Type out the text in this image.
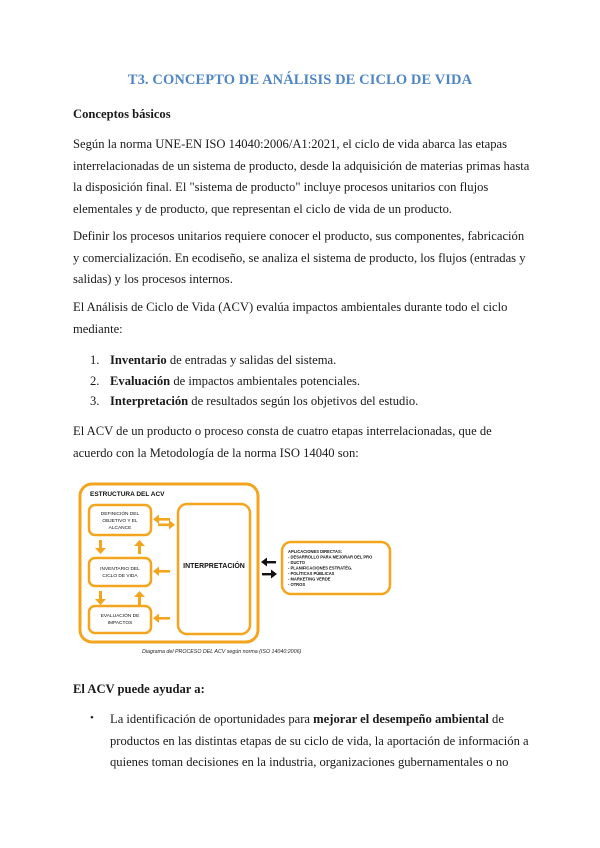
T3. CONCEPTO DE ANÁLISIS DE CICLO DE VIDA

Conceptos básicos

Según la norma UNE-EN ISO 14040:2006/A1:2021, el ciclo de vida abarca las etapas interrelacionadas de un sistema de producto, desde la adquisición de materias primas hasta la disposición final. El "sistema de producto" incluye procesos unitarios con flujos elementales y de producto, que representan el ciclo de vida de un producto.

Definir los procesos unitarios requiere conocer el producto, sus componentes, fabricación y comercialización. En ecodiseño, se analiza el sistema de producto, los flujos (entradas y salidas) y los procesos internos.

El Análisis de Ciclo de Vida (ACV) evalúa impactos ambientales durante todo el ciclo mediante:

1. Inventario de entradas y salidas del sistema.
2. Evaluación de impactos ambientales potenciales.
3. Interpretación de resultados según los objetivos del estudio.

El ACV de un producto o proceso consta de cuatro etapas interrelacionadas, que de acuerdo con la Metodología de la norma ISO 14040 son:

ESTRUCTURA DEL ACV
DEFINICIÓN DEL
OBJETIVO Y EL
ALCANCE
INVENTARIO DEL
CICLO DE VIDA
EVALUACIÓN DE
IMPACTOS
INTERPRETACIÓN
APLICACIONES DIRECTAS:
- DESARROLLO PARA MEJORAR DEL PRO
- DUCTO
- PLANIFICACIONES ESTRATÉG.
- POLÍTICAS PÚBLICAS
- MARKETING VERDE
- OTROS
Diagrama del PROCESO DEL ACV según norma (ISO 14040:2006)

El ACV puede ayudar a:

• La identificación de oportunidades para mejorar el desempeño ambiental de productos en las distintas etapas de su ciclo de vida, la aportación de información a quienes toman decisiones en la industria, organizaciones gubernamentales o no
